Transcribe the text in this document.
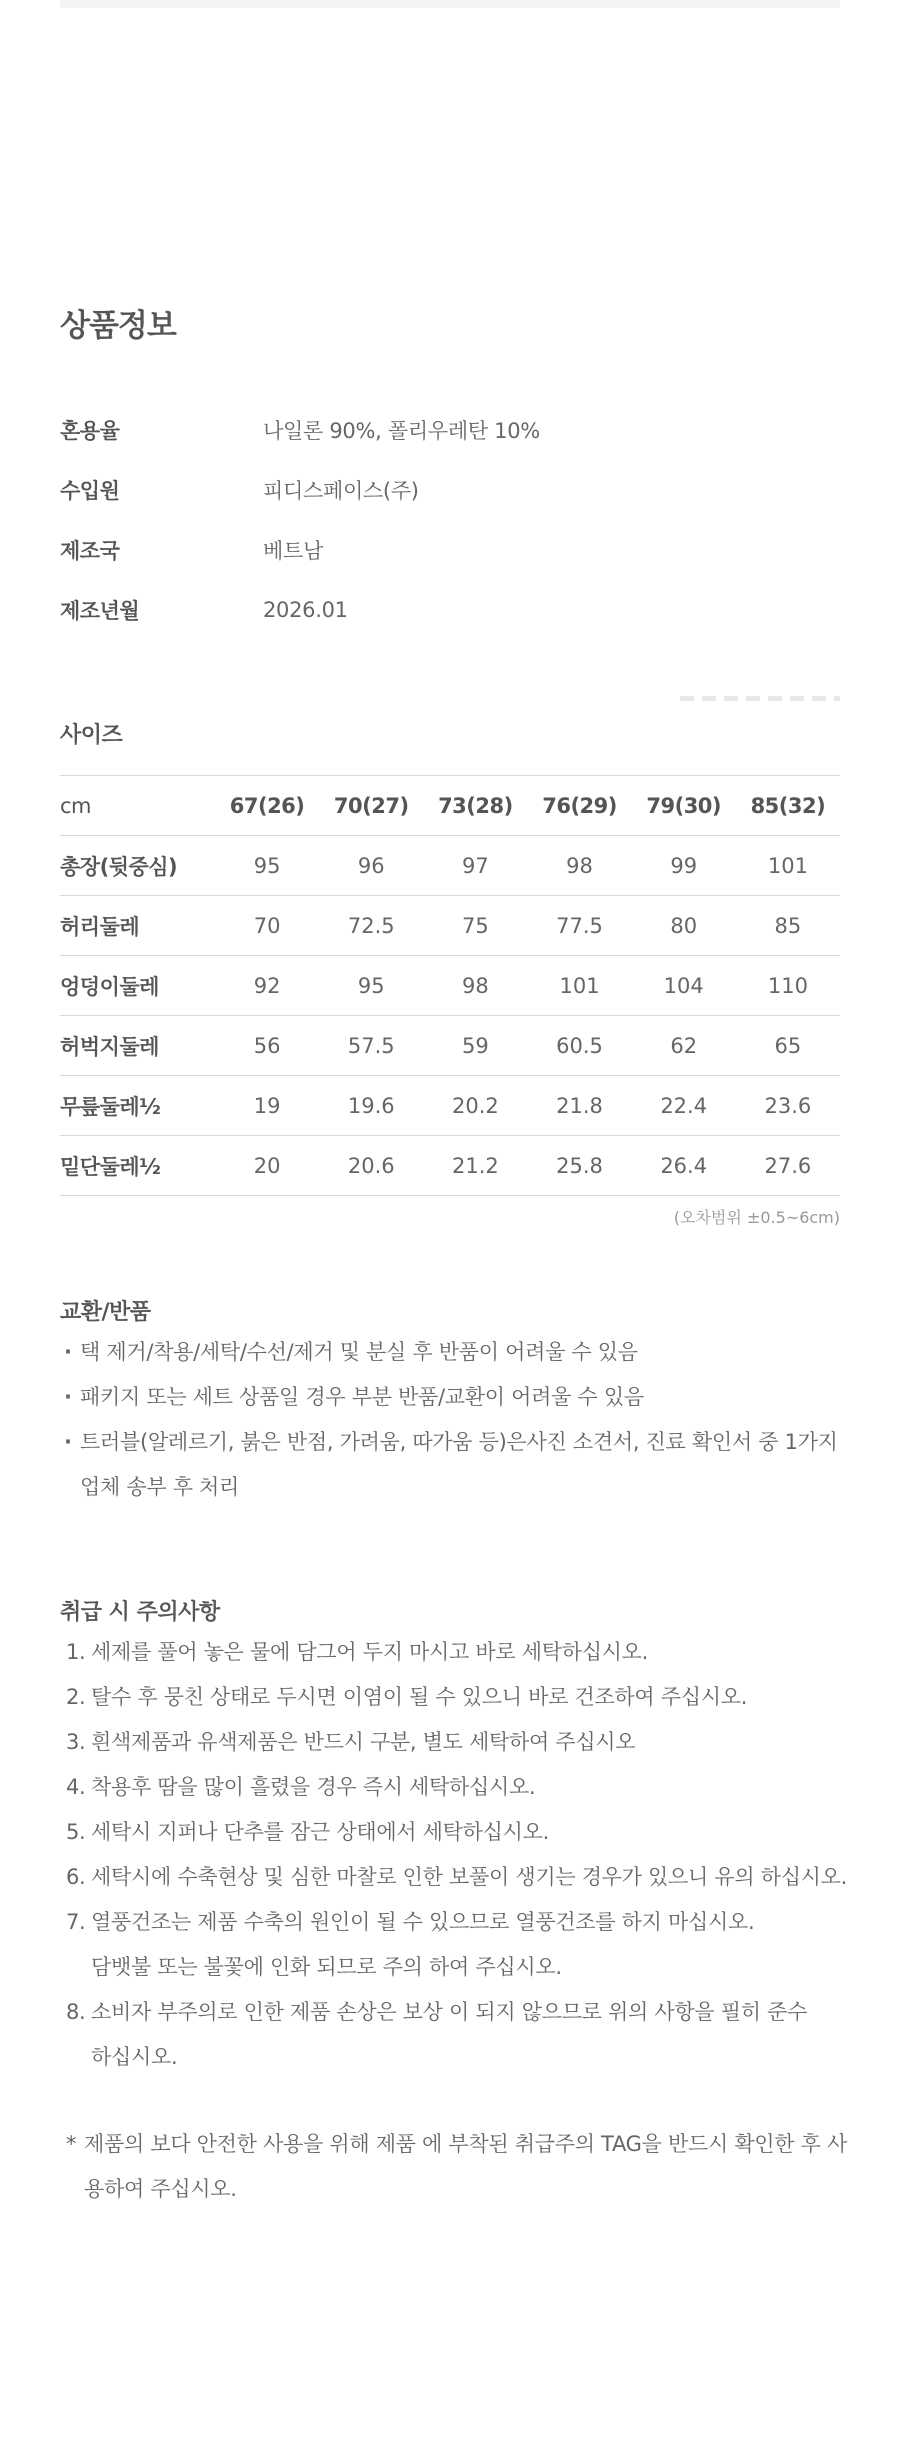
상품정보
혼용율	나일론 90%, 폴리우레탄 10%
수입원	피디스페이스(주)
제조국	베트남
제조년월	2026.01
사이즈
cm	67(26)	70(27)	73(28)	76(29)	79(30)	85(32)
총장(뒷중심)	95	96	97	98	99	101
허리둘레	70	72.5	75	77.5	80	85
엉덩이둘레	92	95	98	101	104	110
허벅지둘레	56	57.5	59	60.5	62	65
무릎둘레½	19	19.6	20.2	21.8	22.4	23.6
밑단둘레½	20	20.6	21.2	25.8	26.4	27.6
(오차범위 ±0.5~6cm)
교환/반품
· 택 제거/착용/세탁/수선/제거 및 분실 후 반품이 어려울 수 있음
· 패키지 또는 세트 상품일 경우 부분 반품/교환이 어려울 수 있음
· 트러블(알레르기, 붉은 반점, 가려움, 따가움 등)은사진 소견서, 진료 확인서 중 1가지 업체 송부 후 처리
취급 시 주의사항
1. 세제를 풀어 놓은 물에 담그어 두지 마시고 바로 세탁하십시오.
2. 탈수 후 뭉친 상태로 두시면 이염이 될 수 있으니 바로 건조하여 주십시오.
3. 흰색제품과 유색제품은 반드시 구분, 별도 세탁하여 주십시오
4. 착용후 땀을 많이 흘렸을 경우 즉시 세탁하십시오.
5. 세탁시 지퍼나 단추를 잠근 상태에서 세탁하십시오.
6. 세탁시에 수축현상 및 심한 마찰로 인한 보풀이 생기는 경우가 있으니 유의 하십시오.
7. 열풍건조는 제품 수축의 원인이 될 수 있으므로 열풍건조를 하지 마십시오.
담뱃불 또는 불꽃에 인화 되므로 주의 하여 주십시오.
8. 소비자 부주의로 인한 제품 손상은 보상 이 되지 않으므로 위의 사항을 필히 준수
하십시오.
* 제품의 보다 안전한 사용을 위해 제품 에 부착된 취급주의 TAG을 반드시 확인한 후 사용하여 주십시오.
